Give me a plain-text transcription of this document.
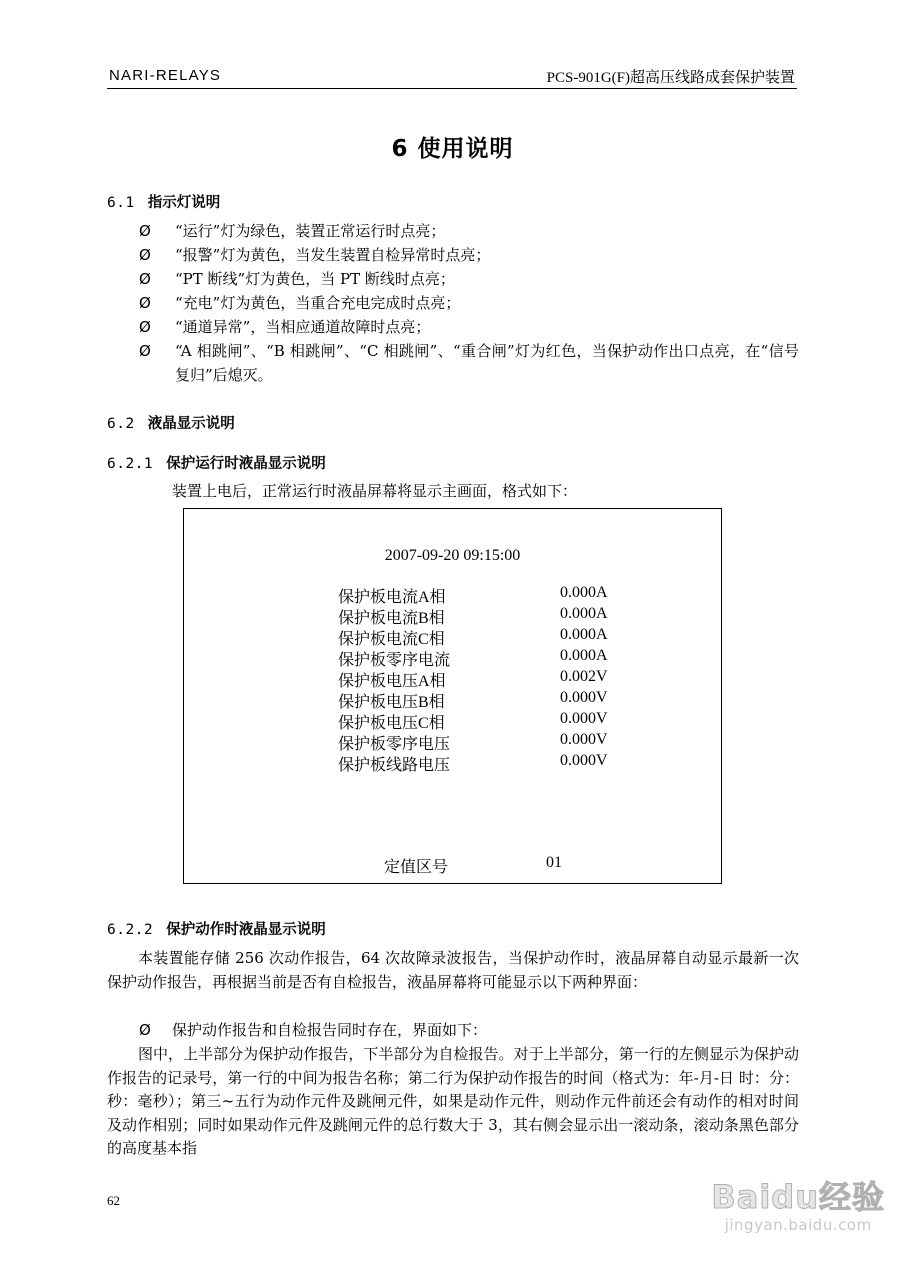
NARI-RELAYS	PCS-901G(F)超高压线路成套保护装置
6 使用说明
6.1 指示灯说明
Ø “运行”灯为绿色，装置正常运行时点亮；
Ø “报警”灯为黄色，当发生装置自检异常时点亮；
Ø “PT 断线”灯为黄色，当 PT 断线时点亮；
Ø “充电”灯为黄色，当重合充电完成时点亮；
Ø “通道异常”，当相应通道故障时点亮；
Ø “A 相跳闸”、“B 相跳闸”、“C 相跳闸”、“重合闸”灯为红色，当保护动作出口点亮，在“信号复归”后熄灭。
6.2 液晶显示说明
6.2.1 保护运行时液晶显示说明
装置上电后，正常运行时液晶屏幕将显示主画面，格式如下：
2007-09-20 09:15:00
保护板电流A相	0.000A
保护板电流B相	0.000A
保护板电流C相	0.000A
保护板零序电流	0.000A
保护板电压A相	0.002V
保护板电压B相	0.000V
保护板电压C相	0.000V
保护板零序电压	0.000V
保护板线路电压	0.000V
定值区号	01
6.2.2 保护动作时液晶显示说明
本装置能存储 256 次动作报告，64 次故障录波报告，当保护动作时，液晶屏幕自动显示最新一次保护动作报告，再根据当前是否有自检报告，液晶屏幕将可能显示以下两种界面：
Ø 保护动作报告和自检报告同时存在，界面如下：
图中，上半部分为保护动作报告，下半部分为自检报告。对于上半部分，第一行的左侧显示为保护动作报告的记录号，第一行的中间为报告名称；第二行为保护动作报告的时间（格式为：年-月-日 时：分：秒：毫秒）；第三~五行为动作元件及跳闸元件，如果是动作元件，则动作元件前还会有动作的相对时间及动作相别；同时如果动作元件及跳闸元件的总行数大于 3，其右侧会显示出一滚动条，滚动条黑色部分的高度基本指
62	Baidu经验
jingyan.baidu.com
